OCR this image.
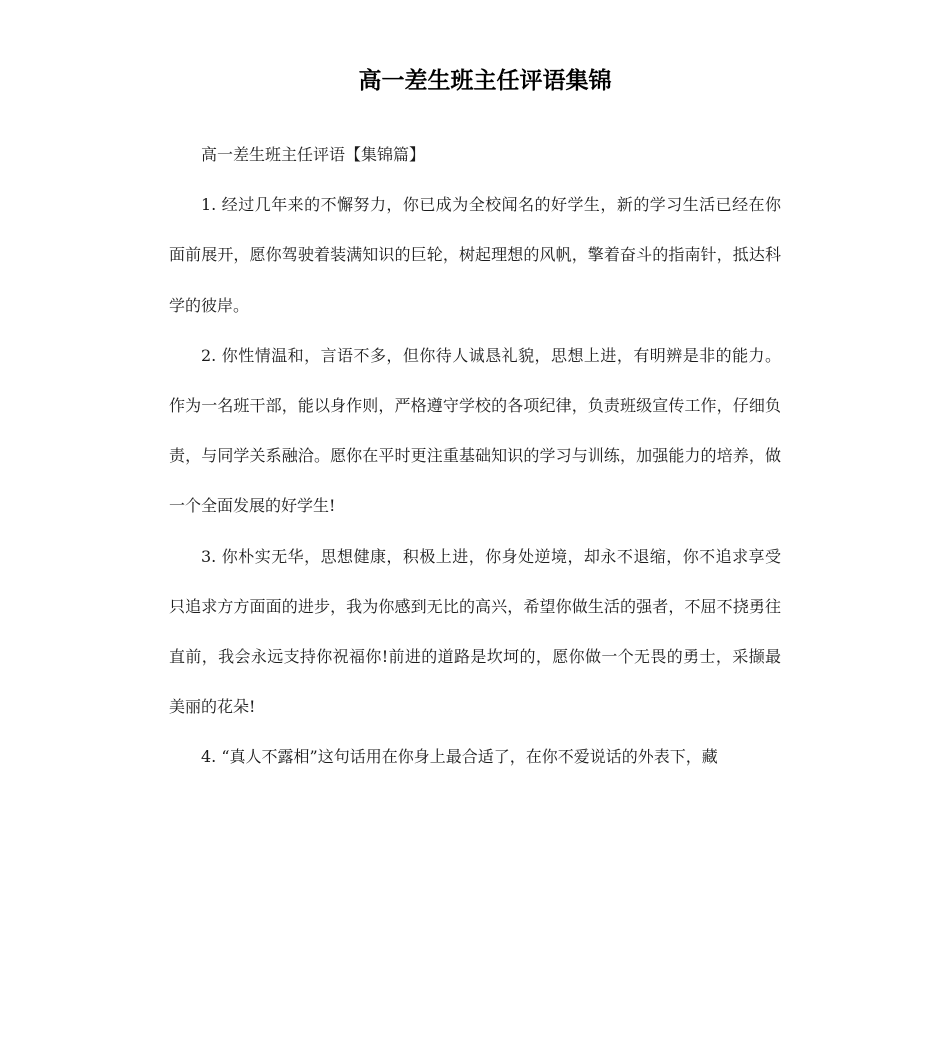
高一差生班主任评语集锦

高一差生班主任评语【集锦篇】

1. 经过几年来的不懈努力，你已成为全校闻名的好学生，新的学习生活已经在你面前展开，愿你驾驶着装满知识的巨轮，树起理想的风帆，擎着奋斗的指南针，抵达科学的彼岸。

2. 你性情温和，言语不多，但你待人诚恳礼貌，思想上进，有明辨是非的能力。作为一名班干部，能以身作则，严格遵守学校的各项纪律，负责班级宣传工作，仔细负责，与同学关系融洽。愿你在平时更注重基础知识的学习与训练，加强能力的培养，做一个全面发展的好学生!

3. 你朴实无华，思想健康，积极上进，你身处逆境，却永不退缩，你不追求享受只追求方方面面的进步，我为你感到无比的高兴，希望你做生活的强者，不屈不挠勇往直前，我会永远支持你祝福你!前进的道路是坎坷的，愿你做一个无畏的勇士，采撷最美丽的花朵!

4. “真人不露相”这句话用在你身上最合适了，在你不爱说话的外表下，藏
